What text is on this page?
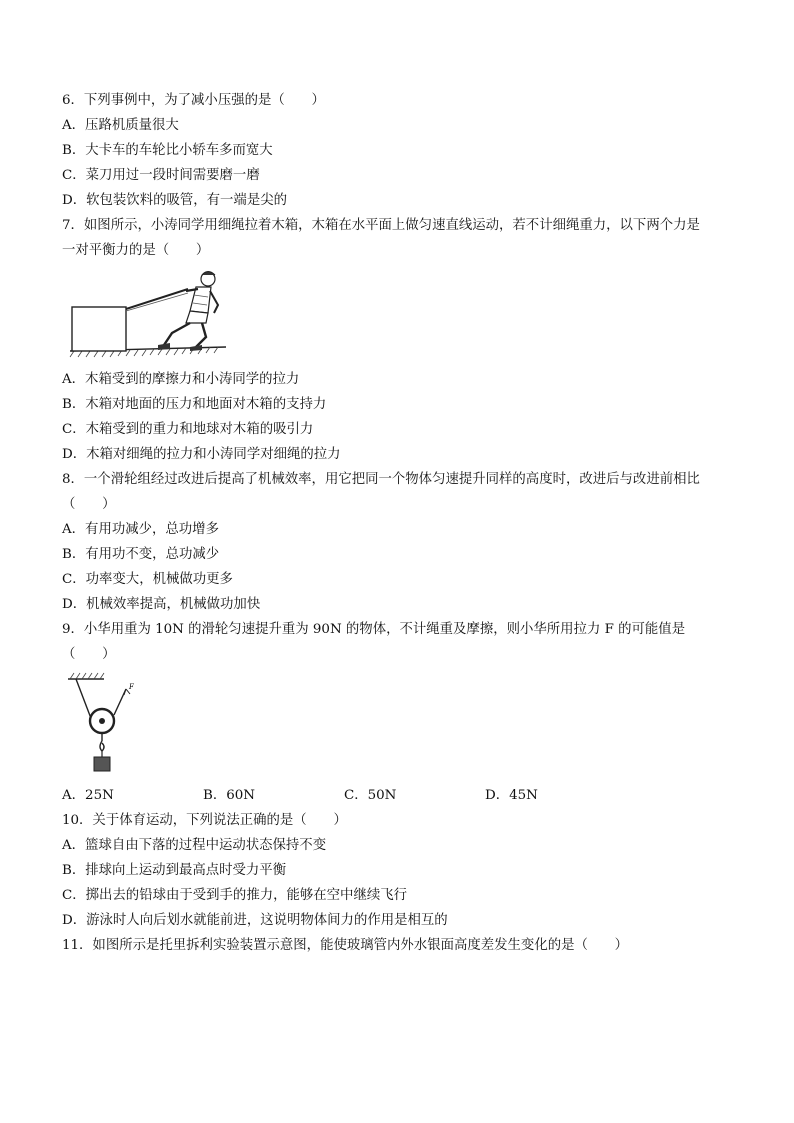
6．下列事例中，为了减小压强的是（　　）
A．压路机质量很大
B．大卡车的车轮比小轿车多而宽大
C．菜刀用过一段时间需要磨一磨
D．软包装饮料的吸管，有一端是尖的
7．如图所示，小涛同学用细绳拉着木箱，木箱在水平面上做匀速直线运动，若不计细绳重力，以下两个力是
一对平衡力的是（　　）
A．木箱受到的摩擦力和小涛同学的拉力
B．木箱对地面的压力和地面对木箱的支持力
C．木箱受到的重力和地球对木箱的吸引力
D．木箱对细绳的拉力和小涛同学对细绳的拉力
8．一个滑轮组经过改进后提高了机械效率，用它把同一个物体匀速提升同样的高度时，改进后与改进前相比
（　　）
A．有用功减少，总功增多
B．有用功不变，总功减少
C．功率变大，机械做功更多
D．机械效率提高，机械做功加快
9．小华用重为 10N 的滑轮匀速提升重为 90N 的物体，不计绳重及摩擦，则小华所用拉力 F 的可能值是
（　　）
F
A．25N	B．60N	C．50N	D．45N
10．关于体育运动，下列说法正确的是（　　）
A．篮球自由下落的过程中运动状态保持不变
B．排球向上运动到最高点时受力平衡
C．掷出去的铅球由于受到手的推力，能够在空中继续飞行
D．游泳时人向后划水就能前进，这说明物体间力的作用是相互的
11．如图所示是托里拆利实验装置示意图，能使玻璃管内外水银面高度差发生变化的是（　　）
